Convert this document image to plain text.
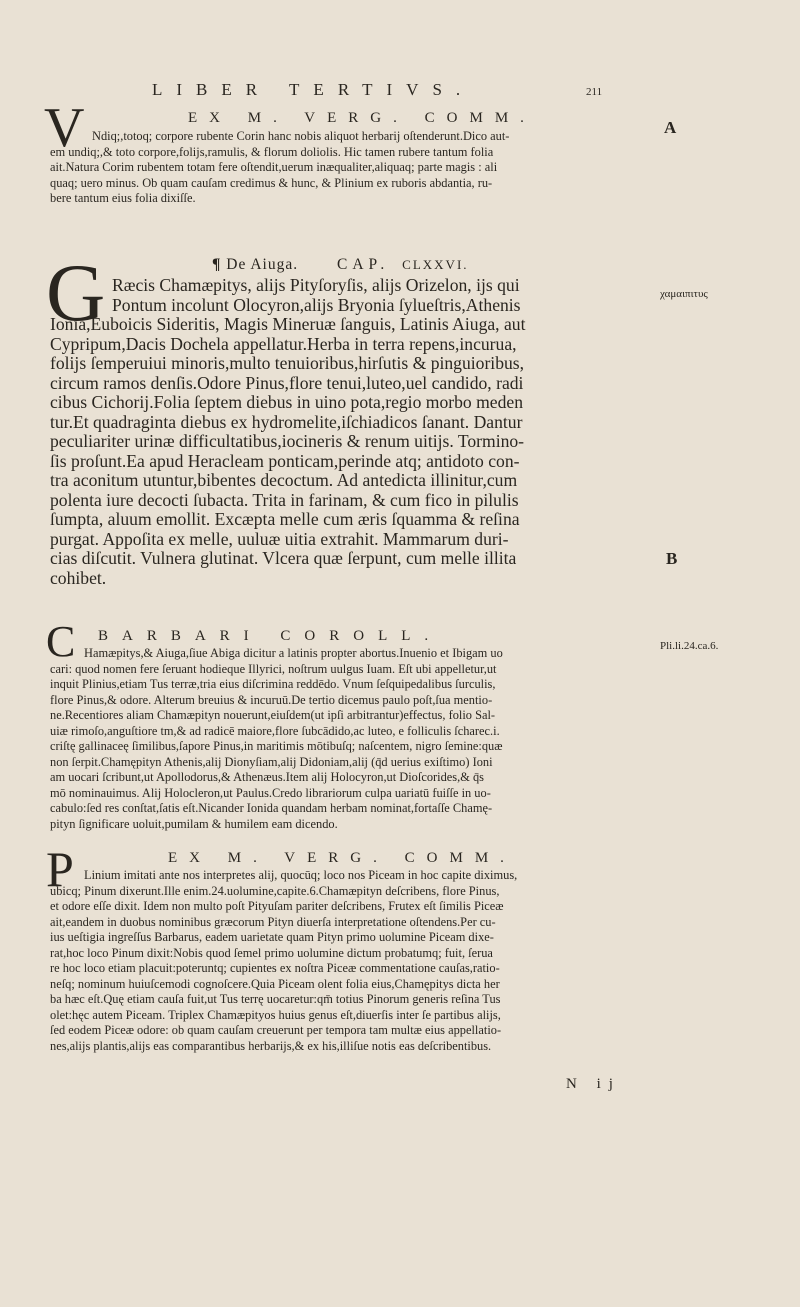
LIBER TERTIVS.	211
A
B
χαμαιπιτυς
Pli.li.24.ca.6.
V	EX M. VERG. COMM.
Ndiq;,totoq; corpore rubente Corin hanc nobis aliquot herbarij oſtenderunt.Dico aut-
em undiq;,& toto corpore,folijs,ramulis, & florum doliolis. Hic tamen rubere tantum folia
ait.Natura Corim rubentem totam fere oſtendit,uerum inæqualiter,aliquaq; parte magis : ali
quaq; uero minus. Ob quam cauſam credimus & hunc, & Plinium ex ruboris abdantia, ru-
bere tantum eius folia dixiſſe.
G	¶ De Aiuga.	CAP. CLXXVI.
Ræcis Chamæpitys, alijs Pityſoryſis, alijs Orizelon, ijs qui
Pontum incolunt Olocyron,alijs Bryonia ſylueſtris,Athenis
Ionia,Euboicis Sideritis, Magis Mineruæ ſanguis, Latinis Aiuga, aut
Cypripum,Dacis Dochela appellatur.Herba in terra repens,incurua,
folijs ſemperuiui minoris,multo tenuioribus,hirſutis & pinguioribus,
circum ramos denſis.Odore Pinus,flore tenui,luteo,uel candido, radi
cibus Cichorij.Folia ſeptem diebus in uino pota,regio morbo meden
tur.Et quadraginta diebus ex hydromelite,iſchiadicos ſanant. Dantur
peculiariter urinæ difficultatibus,iocineris & renum uitijs. Tormino-
ſis proſunt.Ea apud Heracleam ponticam,perinde atq; antidoto con-
tra aconitum utuntur,bibentes decoctum. Ad antedicta illinitur,cum
polenta iure decocti ſubacta. Trita in farinam, & cum fico in pilulis
ſumpta, aluum emollit. Excæpta melle cum æris ſquamma & reſina
purgat. Appoſita ex melle, uuluæ uitia extrahit. Mammarum duri-
cias diſcutit. Vulnera glutinat. Vlcera quæ ſerpunt, cum melle illita
cohibet.
C BARBARI COROLL.
Hamæpitys,& Aiuga,ſiue Abiga dicitur a latinis propter abortus.Inuenio et Ibigam uo
cari: quod nomen fere ſeruant hodieque Illyrici, noſtrum uulgus Iuam. Eſt ubi appelletur,ut
inquit Plinius,etiam Tus terræ,tria eius diſcrimina reddēdo. Vnum ſeſquipedalibus ſurculis,
flore Pinus,& odore. Alterum breuius & incuruū.De tertio dicemus paulo poſt,ſua mentio-
ne.Recentiores aliam Chamæpityn nouerunt,eiuſdem(ut ipſi arbitrantur)effectus, folio Sal-
uiæ rimoſo,anguſtiore tm,& ad radicē maiore,flore ſubcādido,ac luteo, e folliculis ſcharec.i.
criſtę gallinaceę ſimilibus,ſapore Pinus,in maritimis mōtibuſq; naſcentem, nigro ſemine:quæ
non ſerpit.Chamępityn Athenis,alij Dionyſiam,alij Didoniam,alij (q̄d uerius exiſtimo) Ioni
am uocari ſcribunt,ut Apollodorus,& Athenæus.Item alij Holocyron,ut Dioſcorides,& q̄s
mō nominauimus. Alij Holocleron,ut Paulus.Credo librariorum culpa uariatū fuiſſe in uo-
cabulo:ſed res conſtat,ſatis eſt.Nicander Ionida quandam herbam nominat,fortaſſe Chamę-
pityn ſignificare uoluit,pumilam & humilem eam dicendo.
P	EX M. VERG. COMM.
Linium imitati ante nos interpretes alij, quocūq; loco nos Piceam in hoc capite diximus,
ubicq; Pinum dixerunt.Ille enim.24.uolumine,capite.6.Chamæpityn deſcribens, flore Pinus,
et odore eſſe dixit. Idem non multo poſt Pityuſam pariter deſcribens, Frutex eſt ſimilis Piceæ
ait,eandem in duobus nominibus græcorum Pityn diuerſa interpretatione oſtendens.Per cu-
ius ueſtigia ingreſſus Barbarus, eadem uarietate quam Pityn primo uolumine Piceam dixe-
rat,hoc loco Pinum dixit:Nobis quod ſemel primo uolumine dictum probatumq; fuit, ſerua
re hoc loco etiam placuit:poteruntq; cupientes ex noſtra Piceæ commentatione cauſas,ratio-
neſq; nominum huiuſcemodi cognoſcere.Quia Piceam olent folia eius,Chamępitys dicta her
ba hæc eſt.Quę etiam cauſa fuit,ut Tus terrę uocaretur:qm̄ totius Pinorum generis reſina Tus
olet:hęc autem Piceam. Triplex Chamæpityos huius genus eſt,diuerſis inter ſe partibus alijs,
ſed eodem Piceæ odore: ob quam cauſam creuerunt per tempora tam multæ eius appellatio-
nes,alijs plantis,alijs eas comparantibus herbarijs,& ex his,illiſue notis eas deſcribentibus.
N ij
